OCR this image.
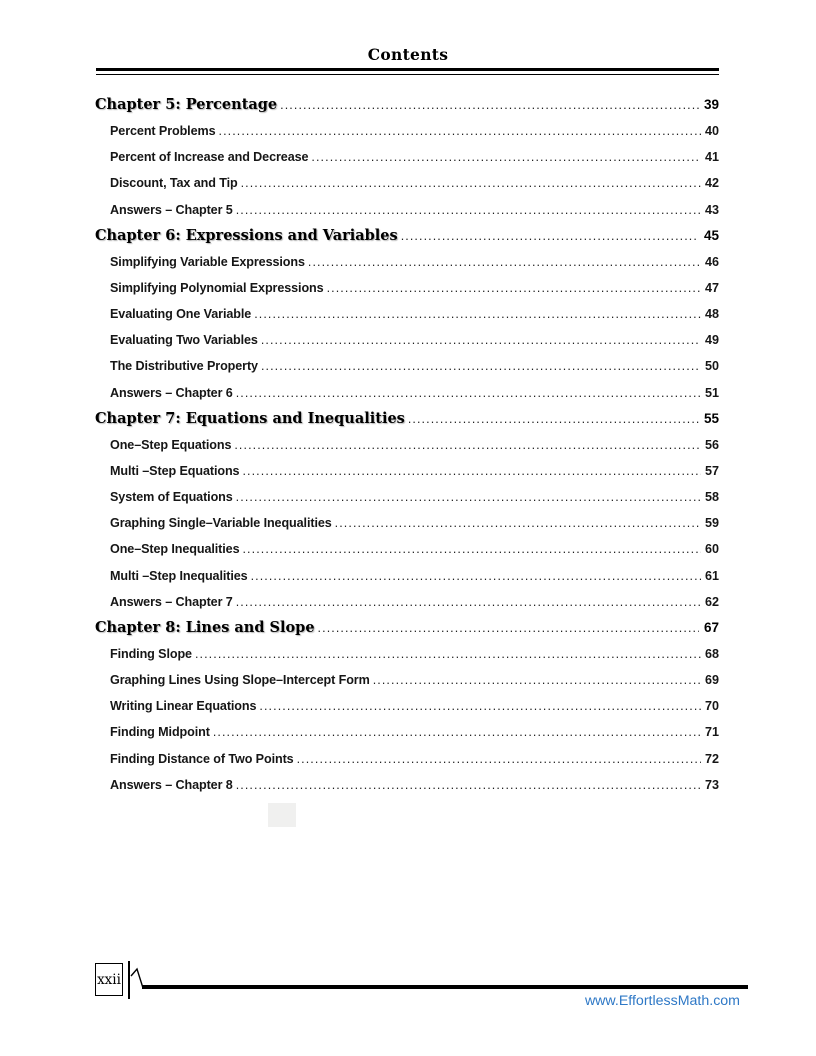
Contents
Chapter 5: Percentage .....	39
Percent Problems .....	40
Percent of Increase and Decrease .....	41
Discount, Tax and Tip .....	42
Answers – Chapter 5 .....	43
Chapter 6: Expressions and Variables .....	45
Simplifying Variable Expressions .....	46
Simplifying Polynomial Expressions .....	47
Evaluating One Variable .....	48
Evaluating Two Variables .....	49
The Distributive Property .....	50
Answers – Chapter 6 .....	51
Chapter 7: Equations and Inequalities .....	55
One–Step Equations .....	56
Multi –Step Equations .....	57
System of Equations .....	58
Graphing Single–Variable Inequalities .....	59
One–Step Inequalities .....	60
Multi –Step Inequalities .....	61
Answers – Chapter 7 .....	62
Chapter 8: Lines and Slope .....	67
Finding Slope .....	68
Graphing Lines Using Slope–Intercept Form .....	69
Writing Linear Equations .....	70
Finding Midpoint .....	71
Finding Distance of Two Points .....	72
Answers – Chapter 8 .....	73
xxii
www.EffortlessMath.com
